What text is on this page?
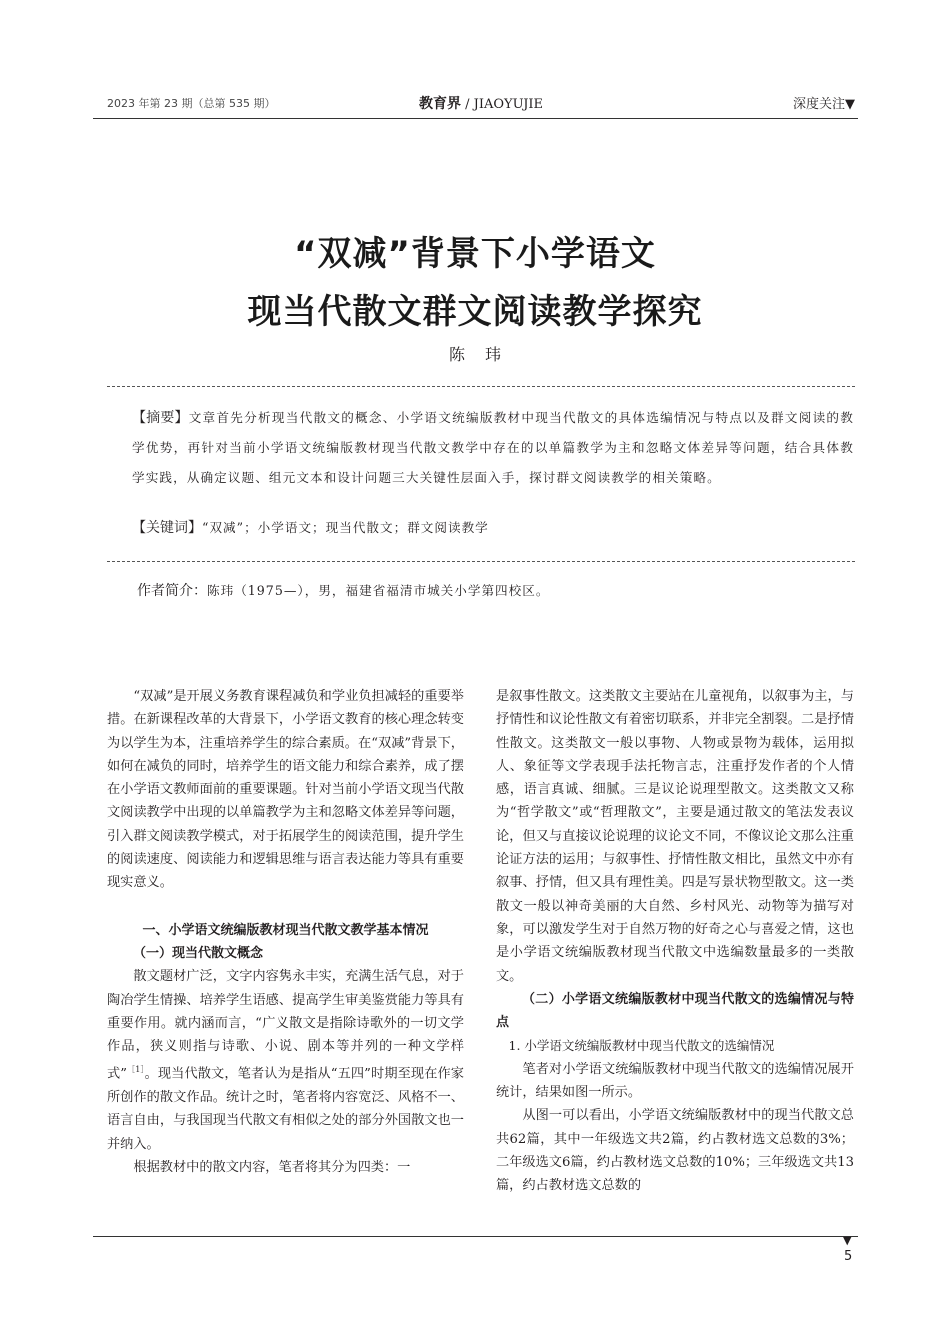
2023 年第 23 期（总第 535 期）	教育界 / JIAOYUJIE	深度关注▼
“双减”背景下小学语文
现当代散文群文阅读教学探究
陈玮
【摘要】文章首先分析现当代散文的概念、小学语文统编版教材中现当代散文的具体选编情况与特点以及群文阅读的教学优势，再针对当前小学语文统编版教材现当代散文教学中存在的以单篇教学为主和忽略文体差异等问题，结合具体教学实践，从确定议题、组元文本和设计问题三大关键性层面入手，探讨群文阅读教学的相关策略。
【关键词】“双减”；小学语文；现当代散文；群文阅读教学
作者简介：陈玮（1975—），男，福建省福清市城关小学第四校区。

“双减”是开展义务教育课程减负和学业负担减轻的重要举措。在新课程改革的大背景下，小学语文教育的核心理念转变为以学生为本，注重培养学生的综合素质。在“双减”背景下，如何在减负的同时，培养学生的语文能力和综合素养，成了摆在小学语文教师面前的重要课题。针对当前小学语文现当代散文阅读教学中出现的以单篇教学为主和忽略文体差异等问题，引入群文阅读教学模式，对于拓展学生的阅读范围，提升学生的阅读速度、阅读能力和逻辑思维与语言表达能力等具有重要现实意义。

一、小学语文统编版教材现当代散文教学基本情况
（一）现当代散文概念

散文题材广泛，文字内容隽永丰实，充满生活气息，对于陶冶学生情操、培养学生语感、提高学生审美鉴赏能力等具有重要作用。就内涵而言，“广义散文是指除诗歌外的一切文学作品，狭义则指与诗歌、小说、剧本等并列的一种文学样式”$^{[1]}$。现当代散文，笔者认为是指从“五四”时期至现在作家所创作的散文作品。统计之时，笔者将内容宽泛、风格不一、语言自由，与我国现当代散文有相似之处的部分外国散文也一并纳入。

根据教材中的散文内容，笔者将其分为四类：一

是叙事性散文。这类散文主要站在儿童视角，以叙事为主，与抒情性和议论性散文有着密切联系，并非完全割裂。二是抒情性散文。这类散文一般以事物、人物或景物为载体，运用拟人、象征等文学表现手法托物言志，注重抒发作者的个人情感，语言真诚、细腻。三是议论说理型散文。这类散文又称为“哲学散文”或“哲理散文”，主要是通过散文的笔法发表议论，但又与直接议论说理的议论文不同，不像议论文那么注重论证方法的运用；与叙事性、抒情性散文相比，虽然文中亦有叙事、抒情，但又具有理性美。四是写景状物型散文。这一类散文一般以神奇美丽的大自然、乡村风光、动物等为描写对象，可以激发学生对于自然万物的好奇之心与喜爱之情，这也是小学语文统编版教材现当代散文中选编数量最多的一类散文。

（二）小学语文统编版教材中现当代散文的选编情况与特点

1. 小学语文统编版教材中现当代散文的选编情况

笔者对小学语文统编版教材中现当代散文的选编情况展开统计，结果如图一所示。

从图一可以看出，小学语文统编版教材中的现当代散文总共62篇，其中一年级选文共2篇，约占教材选文总数的3%；二年级选文6篇，约占教材选文总数的10%；三年级选文共13篇，约占教材选文总数的

▼
5
